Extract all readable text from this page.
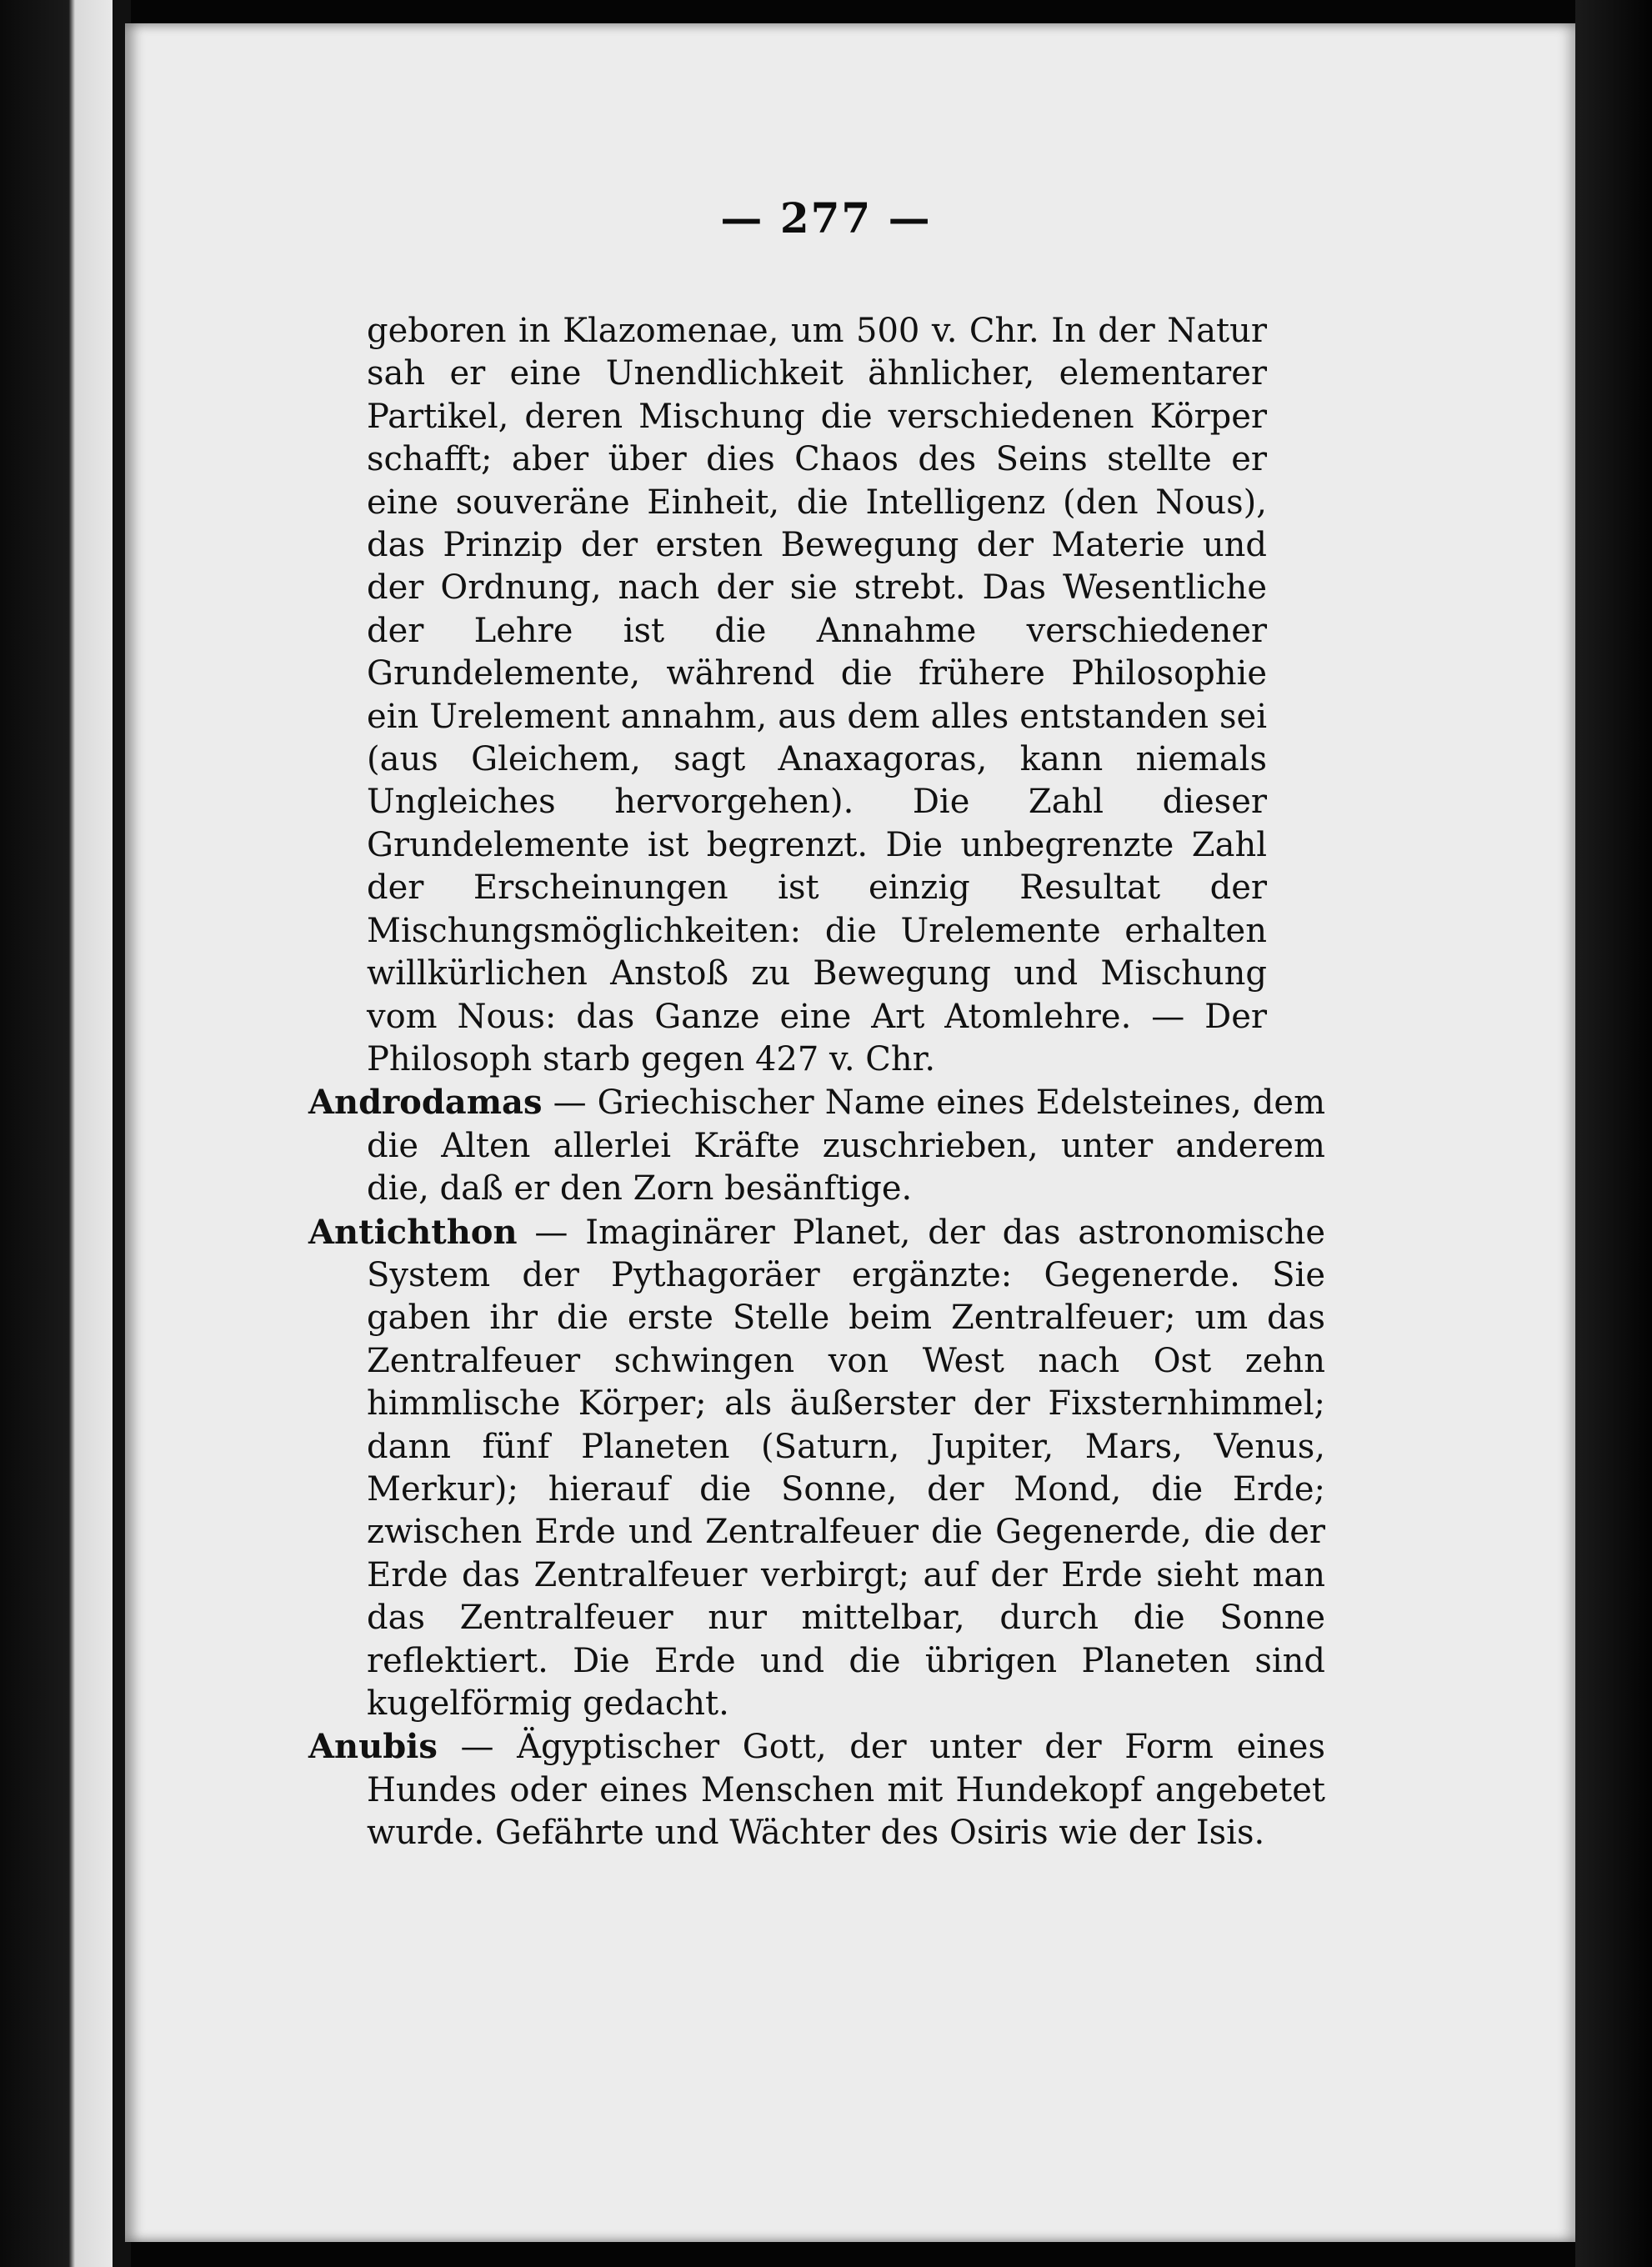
— 277 —

geboren in Klazomenae, um 500 v. Chr. In der Natur sah er eine Unendlichkeit ähnlicher, elementarer Partikel, deren Mischung die verschiedenen Körper schafft; aber über dies Chaos des Seins stellte er eine souveräne Einheit, die Intelligenz (den Nous), das Prinzip der ersten Bewegung der Materie und der Ordnung, nach der sie strebt. Das Wesentliche der Lehre ist die Annahme verschiedener Grundelemente, während die frühere Philosophie ein Urelement annahm, aus dem alles entstanden sei (aus Gleichem, sagt Anaxagoras, kann niemals Ungleiches hervorgehen). Die Zahl dieser Grundelemente ist begrenzt. Die unbegrenzte Zahl der Erscheinungen ist einzig Resultat der Mischungsmöglichkeiten: die Urelemente erhalten willkürlichen Anstoß zu Bewegung und Mischung vom Nous: das Ganze eine Art Atomlehre. — Der Philosoph starb gegen 427 v. Chr.

Androdamas — Griechischer Name eines Edelsteines, dem die Alten allerlei Kräfte zuschrieben, unter anderem die, daß er den Zorn besänftige.

Antichthon — Imaginärer Planet, der das astronomische System der Pythagoräer ergänzte: Gegenerde. Sie gaben ihr die erste Stelle beim Zentralfeuer; um das Zentralfeuer schwingen von West nach Ost zehn himmlische Körper; als äußerster der Fixsternhimmel; dann fünf Planeten (Saturn, Jupiter, Mars, Venus, Merkur); hierauf die Sonne, der Mond, die Erde; zwischen Erde und Zentralfeuer die Gegenerde, die der Erde das Zentralfeuer verbirgt; auf der Erde sieht man das Zentralfeuer nur mittelbar, durch die Sonne reflektiert. Die Erde und die übrigen Planeten sind kugelförmig gedacht.

Anubis — Ägyptischer Gott, der unter der Form eines Hundes oder eines Menschen mit Hundekopf angebetet wurde. Gefährte und Wächter des Osiris wie der Isis.
